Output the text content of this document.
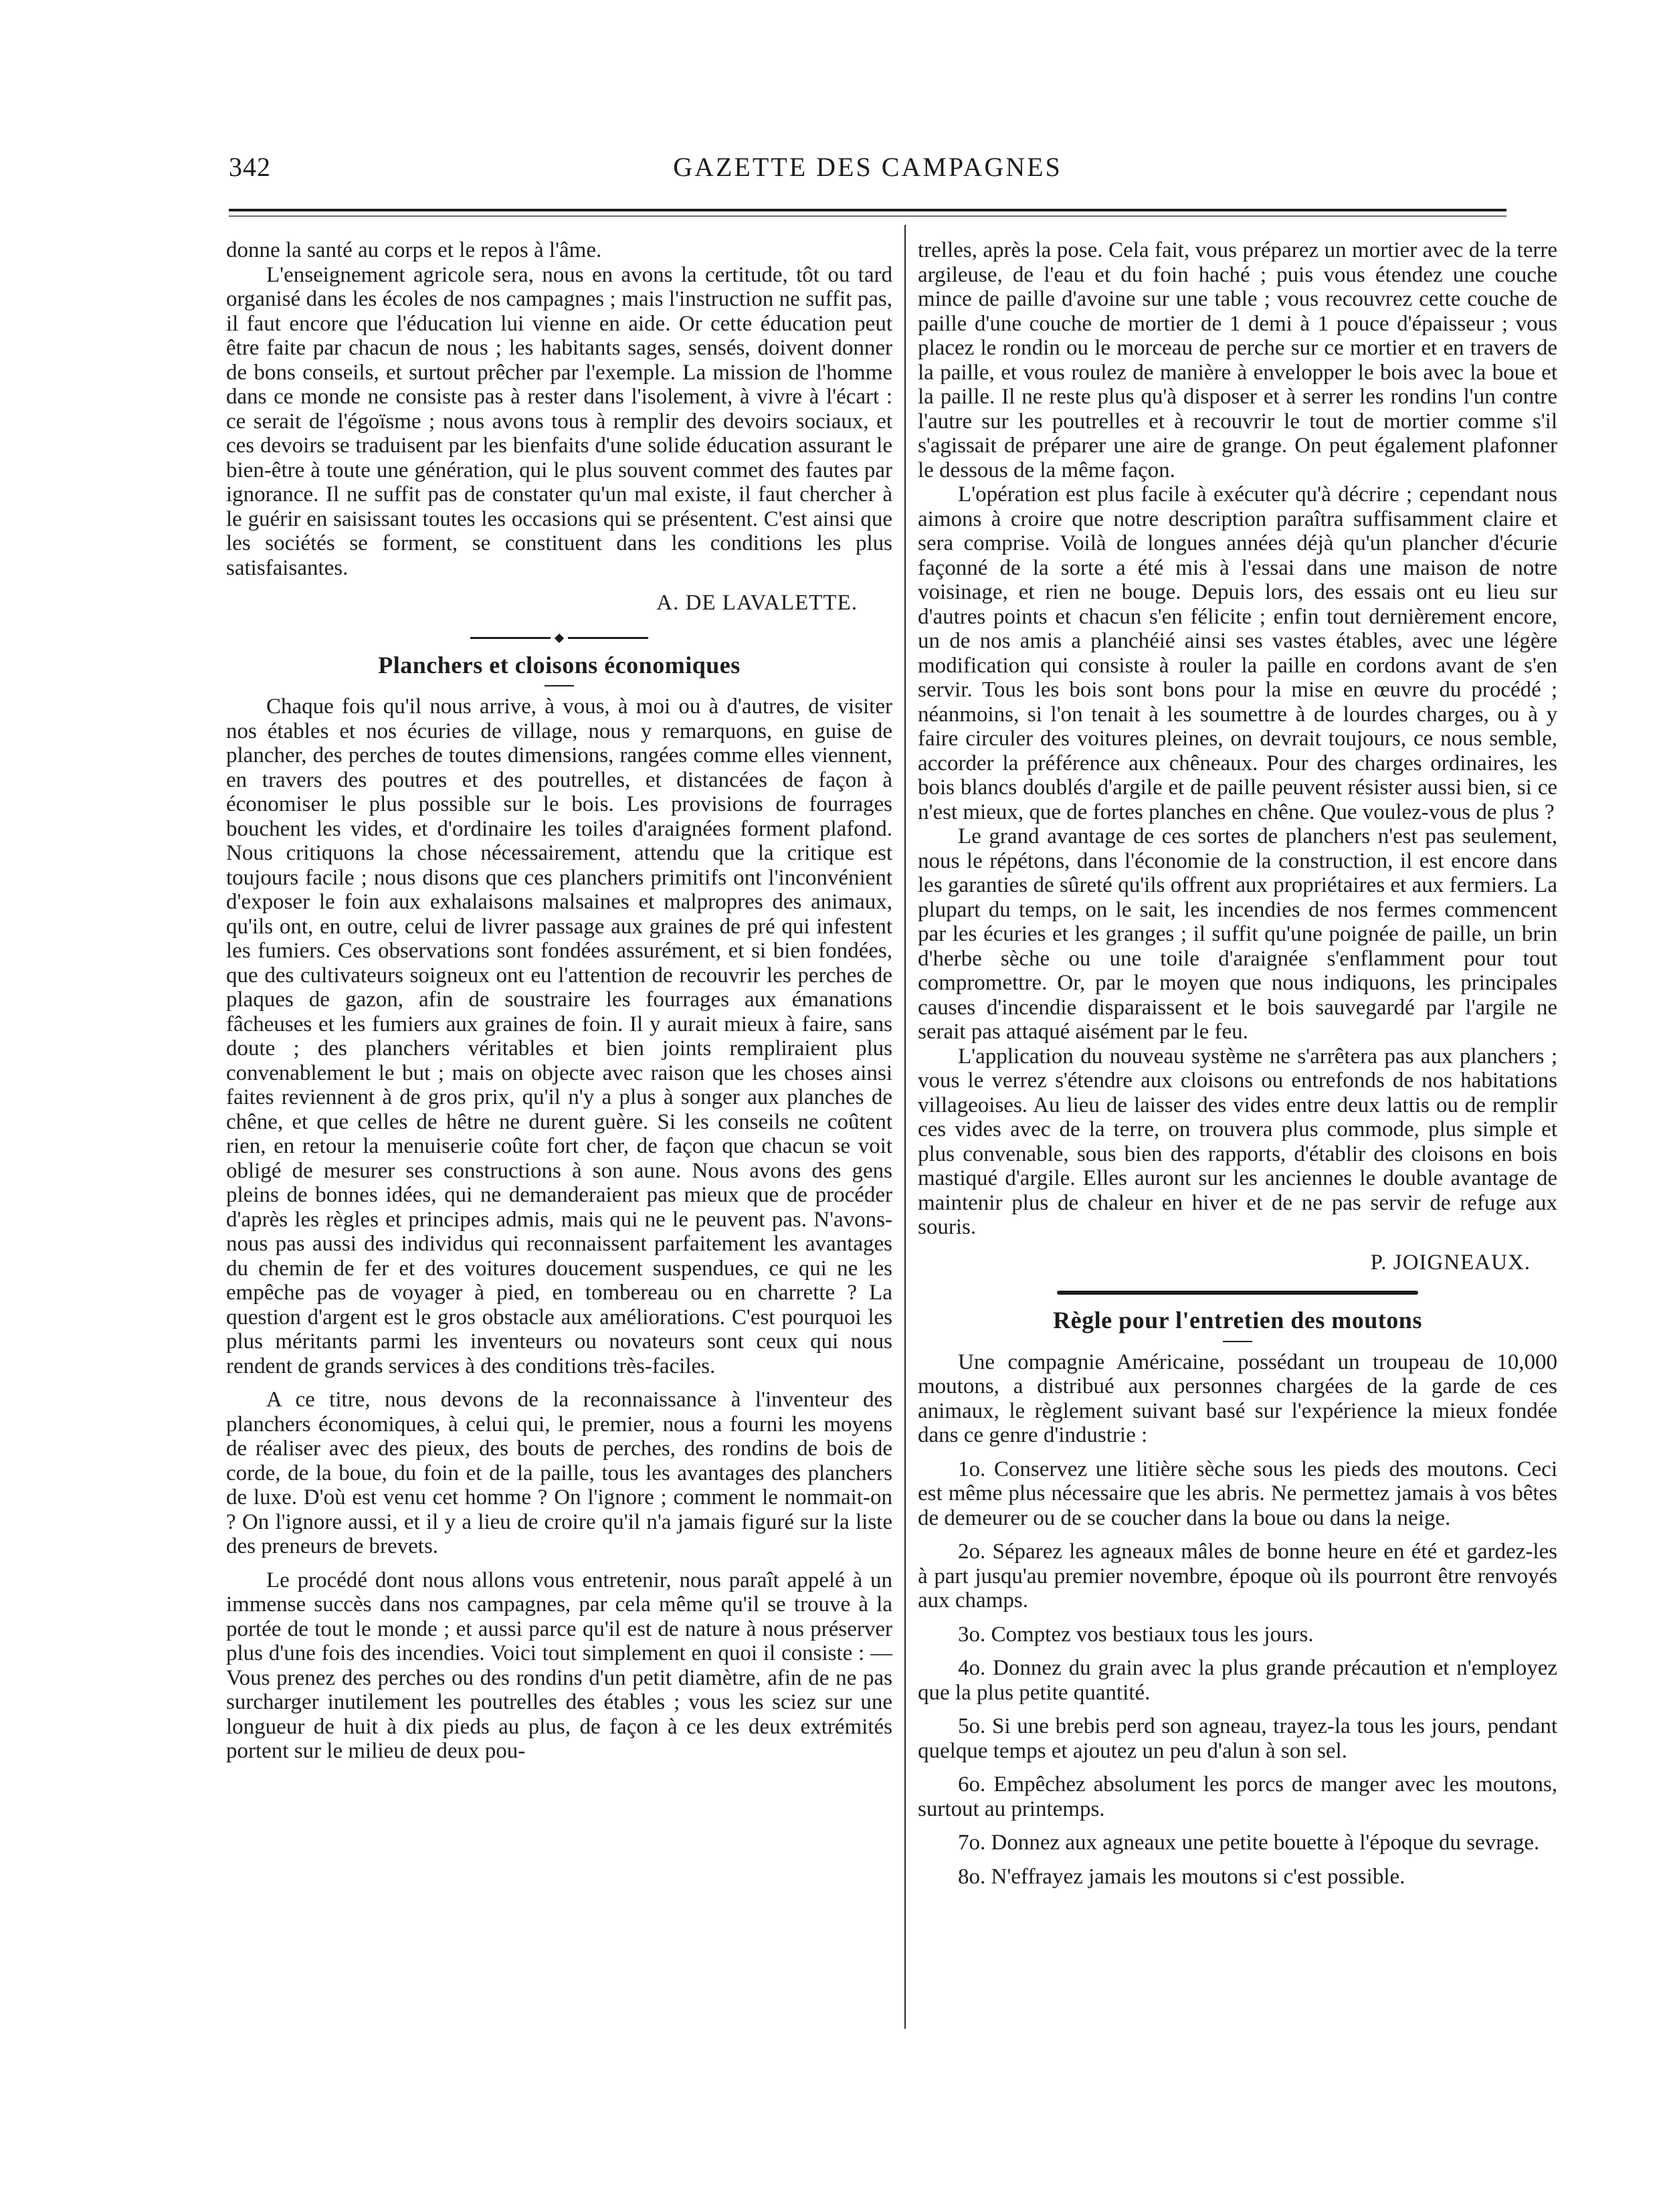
342	GAZETTE DES CAMPAGNES

donne la santé au corps et le repos à l'âme.

L'enseignement agricole sera, nous en avons la certitude, tôt ou tard organisé dans les écoles de nos campagnes ; mais l'instruction ne suffit pas, il faut encore que l'éducation lui vienne en aide. Or cette éducation peut être faite par chacun de nous ; les habitants sages, sensés, doivent donner de bons conseils, et surtout prêcher par l'exemple. La mission de l'homme dans ce monde ne consiste pas à rester dans l'isolement, à vivre à l'écart : ce serait de l'égoïsme ; nous avons tous à remplir des devoirs sociaux, et ces devoirs se traduisent par les bienfaits d'une solide éducation assurant le bien-être à toute une génération, qui le plus souvent commet des fautes par ignorance. Il ne suffit pas de constater qu'un mal existe, il faut chercher à le guérir en saisissant toutes les occasions qui se présentent. C'est ainsi que les sociétés se forment, se constituent dans les conditions les plus satisfaisantes.

A. DE LAVALETTE.
Planchers et cloisons économiques

Chaque fois qu'il nous arrive, à vous, à moi ou à d'autres, de visiter nos étables et nos écuries de village, nous y remarquons, en guise de plancher, des perches de toutes dimensions, rangées comme elles viennent, en travers des poutres et des poutrelles, et distancées de façon à économiser le plus possible sur le bois. Les provisions de fourrages bouchent les vides, et d'ordinaire les toiles d'araignées forment plafond. Nous critiquons la chose nécessairement, attendu que la critique est toujours facile ; nous disons que ces planchers primitifs ont l'inconvénient d'exposer le foin aux exhalaisons malsaines et malpropres des animaux, qu'ils ont, en outre, celui de livrer passage aux graines de pré qui infestent les fumiers. Ces observations sont fondées assurément, et si bien fondées, que des cultivateurs soigneux ont eu l'attention de recouvrir les perches de plaques de gazon, afin de soustraire les fourrages aux émanations fâcheuses et les fumiers aux graines de foin. Il y aurait mieux à faire, sans doute ; des planchers véritables et bien joints rempliraient plus convenablement le but ; mais on objecte avec raison que les choses ainsi faites reviennent à de gros prix, qu'il n'y a plus à songer aux planches de chêne, et que celles de hêtre ne durent guère. Si les conseils ne coûtent rien, en retour la menuiserie coûte fort cher, de façon que chacun se voit obligé de mesurer ses constructions à son aune. Nous avons des gens pleins de bonnes idées, qui ne demanderaient pas mieux que de procéder d'après les règles et principes admis, mais qui ne le peuvent pas. N'avons-nous pas aussi des individus qui reconnaissent parfaitement les avantages du chemin de fer et des voitures doucement suspendues, ce qui ne les empêche pas de voyager à pied, en tombereau ou en charrette ? La question d'argent est le gros obstacle aux améliorations. C'est pourquoi les plus méritants parmi les inventeurs ou novateurs sont ceux qui nous rendent de grands services à des conditions très-faciles.

A ce titre, nous devons de la reconnaissance à l'inventeur des planchers économiques, à celui qui, le premier, nous a fourni les moyens de réaliser avec des pieux, des bouts de perches, des rondins de bois de corde, de la boue, du foin et de la paille, tous les avantages des planchers de luxe. D'où est venu cet homme ? On l'ignore ; comment le nommait-on ? On l'ignore aussi, et il y a lieu de croire qu'il n'a jamais figuré sur la liste des preneurs de brevets.

Le procédé dont nous allons vous entretenir, nous paraît appelé à un immense succès dans nos campagnes, par cela même qu'il se trouve à la portée de tout le monde ; et aussi parce qu'il est de nature à nous préserver plus d'une fois des incendies. Voici tout simplement en quoi il consiste : — Vous prenez des perches ou des rondins d'un petit diamètre, afin de ne pas surcharger inutilement les poutrelles des étables ; vous les sciez sur une longueur de huit à dix pieds au plus, de façon à ce les deux extrémités portent sur le milieu de deux pou-

trelles, après la pose. Cela fait, vous préparez un mortier avec de la terre argileuse, de l'eau et du foin haché ; puis vous étendez une couche mince de paille d'avoine sur une table ; vous recouvrez cette couche de paille d'une couche de mortier de 1 demi à 1 pouce d'épaisseur ; vous placez le rondin ou le morceau de perche sur ce mortier et en travers de la paille, et vous roulez de manière à envelopper le bois avec la boue et la paille. Il ne reste plus qu'à disposer et à serrer les rondins l'un contre l'autre sur les poutrelles et à recouvrir le tout de mortier comme s'il s'agissait de préparer une aire de grange. On peut également plafonner le dessous de la même façon.

L'opération est plus facile à exécuter qu'à décrire ; cependant nous aimons à croire que notre description paraîtra suffisamment claire et sera comprise. Voilà de longues années déjà qu'un plancher d'écurie façonné de la sorte a été mis à l'essai dans une maison de notre voisinage, et rien ne bouge. Depuis lors, des essais ont eu lieu sur d'autres points et chacun s'en félicite ; enfin tout dernièrement encore, un de nos amis a planchéié ainsi ses vastes étables, avec une légère modification qui consiste à rouler la paille en cordons avant de s'en servir. Tous les bois sont bons pour la mise en œuvre du procédé ; néanmoins, si l'on tenait à les soumettre à de lourdes charges, ou à y faire circuler des voitures pleines, on devrait toujours, ce nous semble, accorder la préférence aux chêneaux. Pour des charges ordinaires, les bois blancs doublés d'argile et de paille peuvent résister aussi bien, si ce n'est mieux, que de fortes planches en chêne. Que voulez-vous de plus ?

Le grand avantage de ces sortes de planchers n'est pas seulement, nous le répétons, dans l'économie de la construction, il est encore dans les garanties de sûreté qu'ils offrent aux propriétaires et aux fermiers. La plupart du temps, on le sait, les incendies de nos fermes commencent par les écuries et les granges ; il suffit qu'une poignée de paille, un brin d'herbe sèche ou une toile d'araignée s'enflamment pour tout compromettre. Or, par le moyen que nous indiquons, les principales causes d'incendie disparaissent et le bois sauvegardé par l'argile ne serait pas attaqué aisément par le feu.

L'application du nouveau système ne s'arrêtera pas aux planchers ; vous le verrez s'étendre aux cloisons ou entrefonds de nos habitations villageoises. Au lieu de laisser des vides entre deux lattis ou de remplir ces vides avec de la terre, on trouvera plus commode, plus simple et plus convenable, sous bien des rapports, d'établir des cloisons en bois mastiqué d'argile. Elles auront sur les anciennes le double avantage de maintenir plus de chaleur en hiver et de ne pas servir de refuge aux souris.

P. JOIGNEAUX.
Règle pour l'entretien des moutons

Une compagnie Américaine, possédant un troupeau de 10,000 moutons, a distribué aux personnes chargées de la garde de ces animaux, le règlement suivant basé sur l'expérience la mieux fondée dans ce genre d'industrie :

1o. Conservez une litière sèche sous les pieds des moutons. Ceci est même plus nécessaire que les abris. Ne permettez jamais à vos bêtes de demeurer ou de se coucher dans la boue ou dans la neige.

2o. Séparez les agneaux mâles de bonne heure en été et gardez-les à part jusqu'au premier novembre, époque où ils pourront être renvoyés aux champs.

3o. Comptez vos bestiaux tous les jours.

4o. Donnez du grain avec la plus grande précaution et n'employez que la plus petite quantité.

5o. Si une brebis perd son agneau, trayez-la tous les jours, pendant quelque temps et ajoutez un peu d'alun à son sel.

6o. Empêchez absolument les porcs de manger avec les moutons, surtout au printemps.

7o. Donnez aux agneaux une petite bouette à l'époque du sevrage.

8o. N'effrayez jamais les moutons si c'est possible.
